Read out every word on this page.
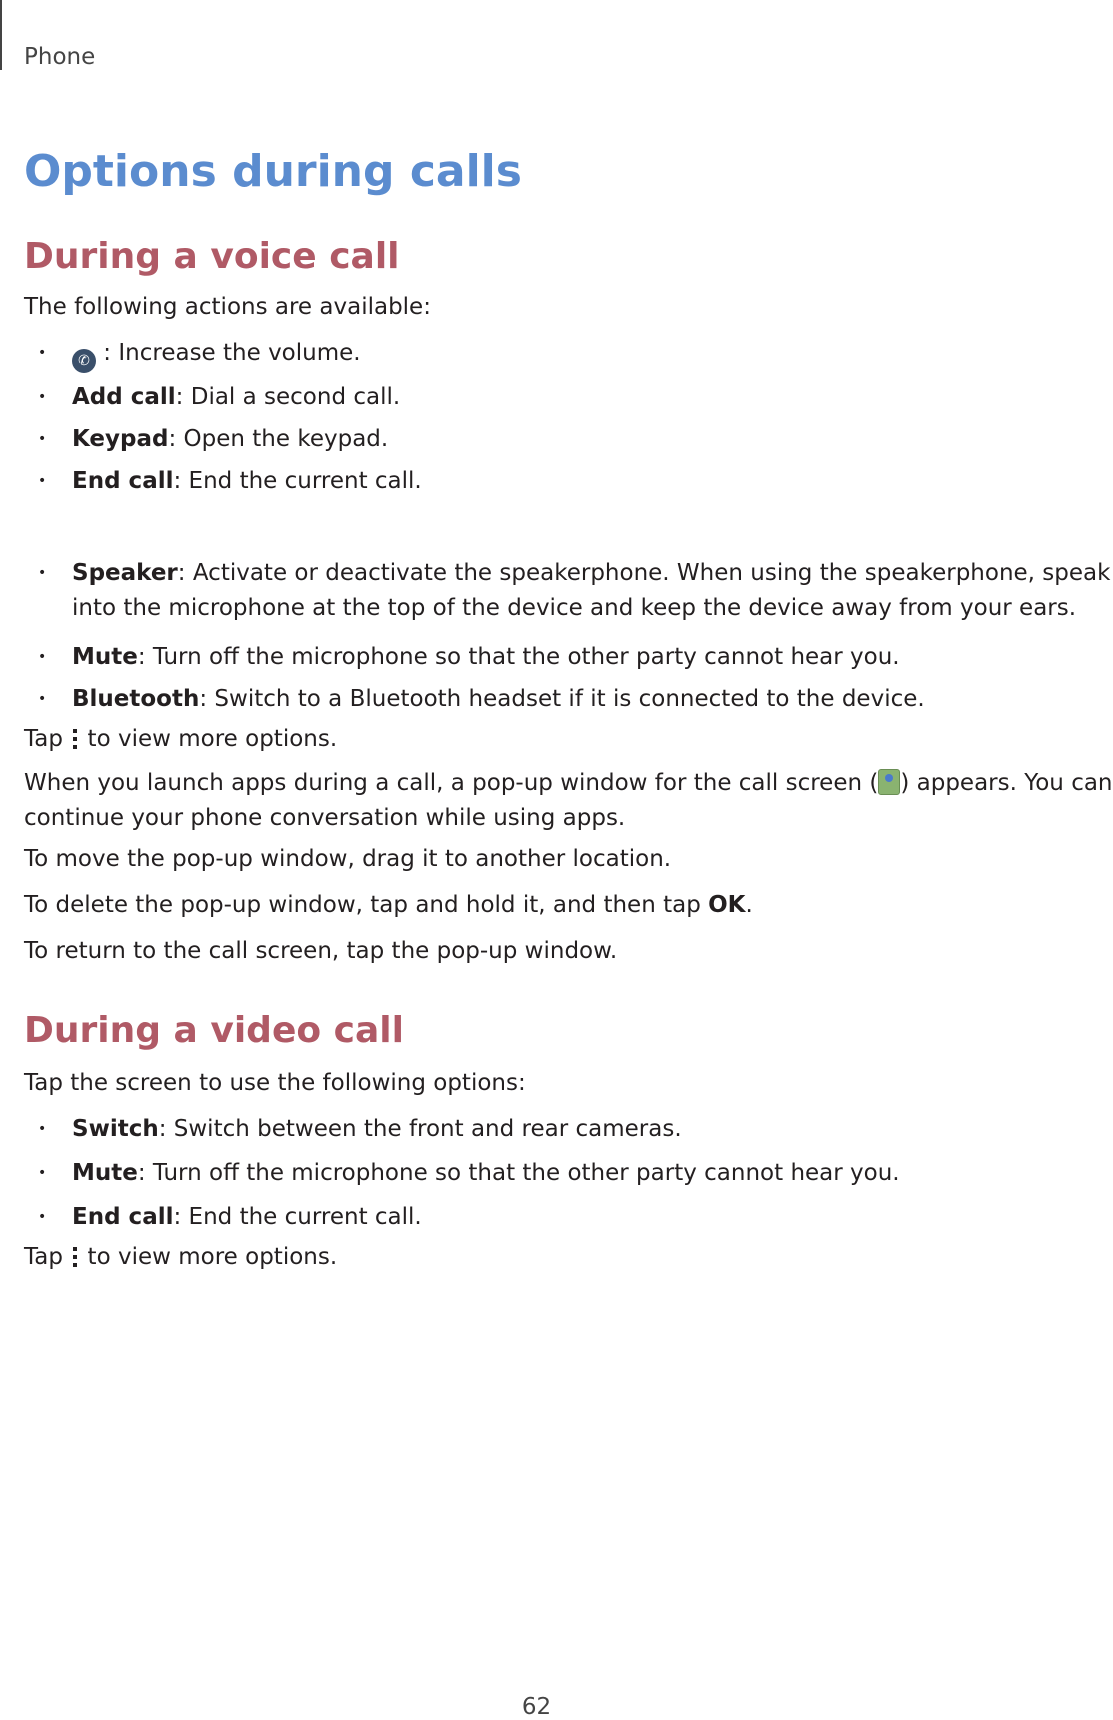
Phone
Options during calls
During a voice call

The following actions are available:

•	✆ : Increase the volume.
• Add call: Dial a second call.
• Keypad: Open the keypad.
• End call: End the current call.
• Speaker: Activate or deactivate the speakerphone. When using the speakerphone, speak
into the microphone at the top of the device and keep the device away from your ears.
• Mute: Turn off the microphone so that the other party cannot hear you.
• Bluetooth: Switch to a Bluetooth headset if it is connected to the device.

Tap
to view more options.

When you launch apps during a call, a pop-up window for the call screen ( ) appears. You can
continue your phone conversation while using apps.

To move the pop-up window, drag it to another location.

To delete the pop-up window, tap and hold it, and then tap OK.

To return to the call screen, tap the pop-up window.

During a video call

Tap the screen to use the following options:

• Switch: Switch between the front and rear cameras.
• Mute: Turn off the microphone so that the other party cannot hear you.
• End call: End the current call.

Tap
to view more options.

62
